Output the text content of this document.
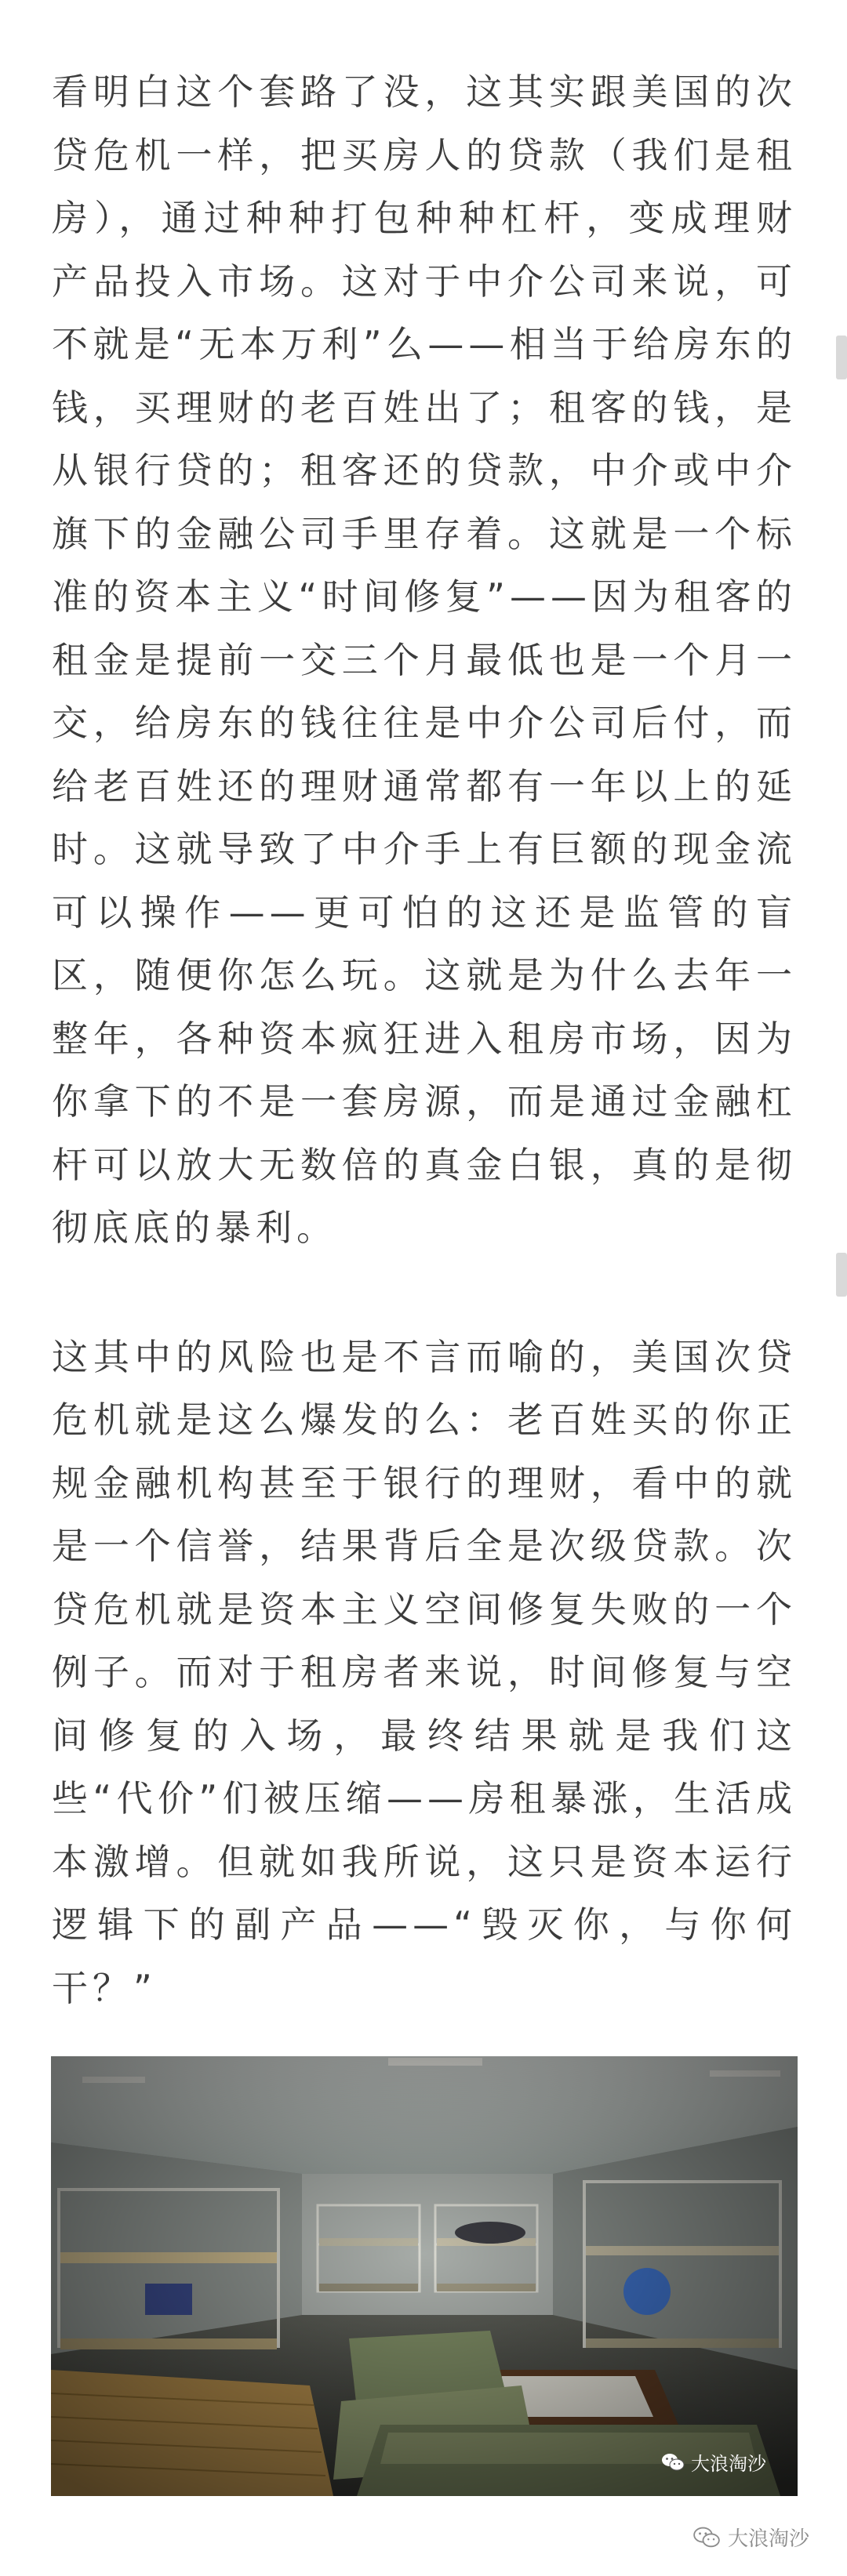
看明白这个套路了没，这其实跟美国的次贷危机一样，把买房人的贷款（我们是租房），通过种种打包种种杠杆，变成理财产品投入市场。这对于中介公司来说，可不就是“无本万利”么——相当于给房东的钱，买理财的老百姓出了；租客的钱，是从银行贷的；租客还的贷款，中介或中介旗下的金融公司手里存着。这就是一个标准的资本主义“时间修复”——因为租客的租金是提前一交三个月最低也是一个月一交，给房东的钱往往是中介公司后付，而给老百姓还的理财通常都有一年以上的延时。这就导致了中介手上有巨额的现金流可以操作——更可怕的这还是监管的盲区，随便你怎么玩。这就是为什么去年一整年，各种资本疯狂进入租房市场，因为你拿下的不是一套房源，而是通过金融杠杆可以放大无数倍的真金白银，真的是彻彻底底的暴利。

这其中的风险也是不言而喻的，美国次贷危机就是这么爆发的么：老百姓买的你正规金融机构甚至于银行的理财，看中的就是一个信誉，结果背后全是次级贷款。次贷危机就是资本主义空间修复失败的一个例子。而对于租房者来说，时间修复与空间修复的入场，最终结果就是我们这些“代价”们被压缩——房租暴涨，生活成本激增。但就如我所说，这只是资本运行逻辑下的副产品——“毁灭你，与你何干？”

大浪淘沙
大浪淘沙
